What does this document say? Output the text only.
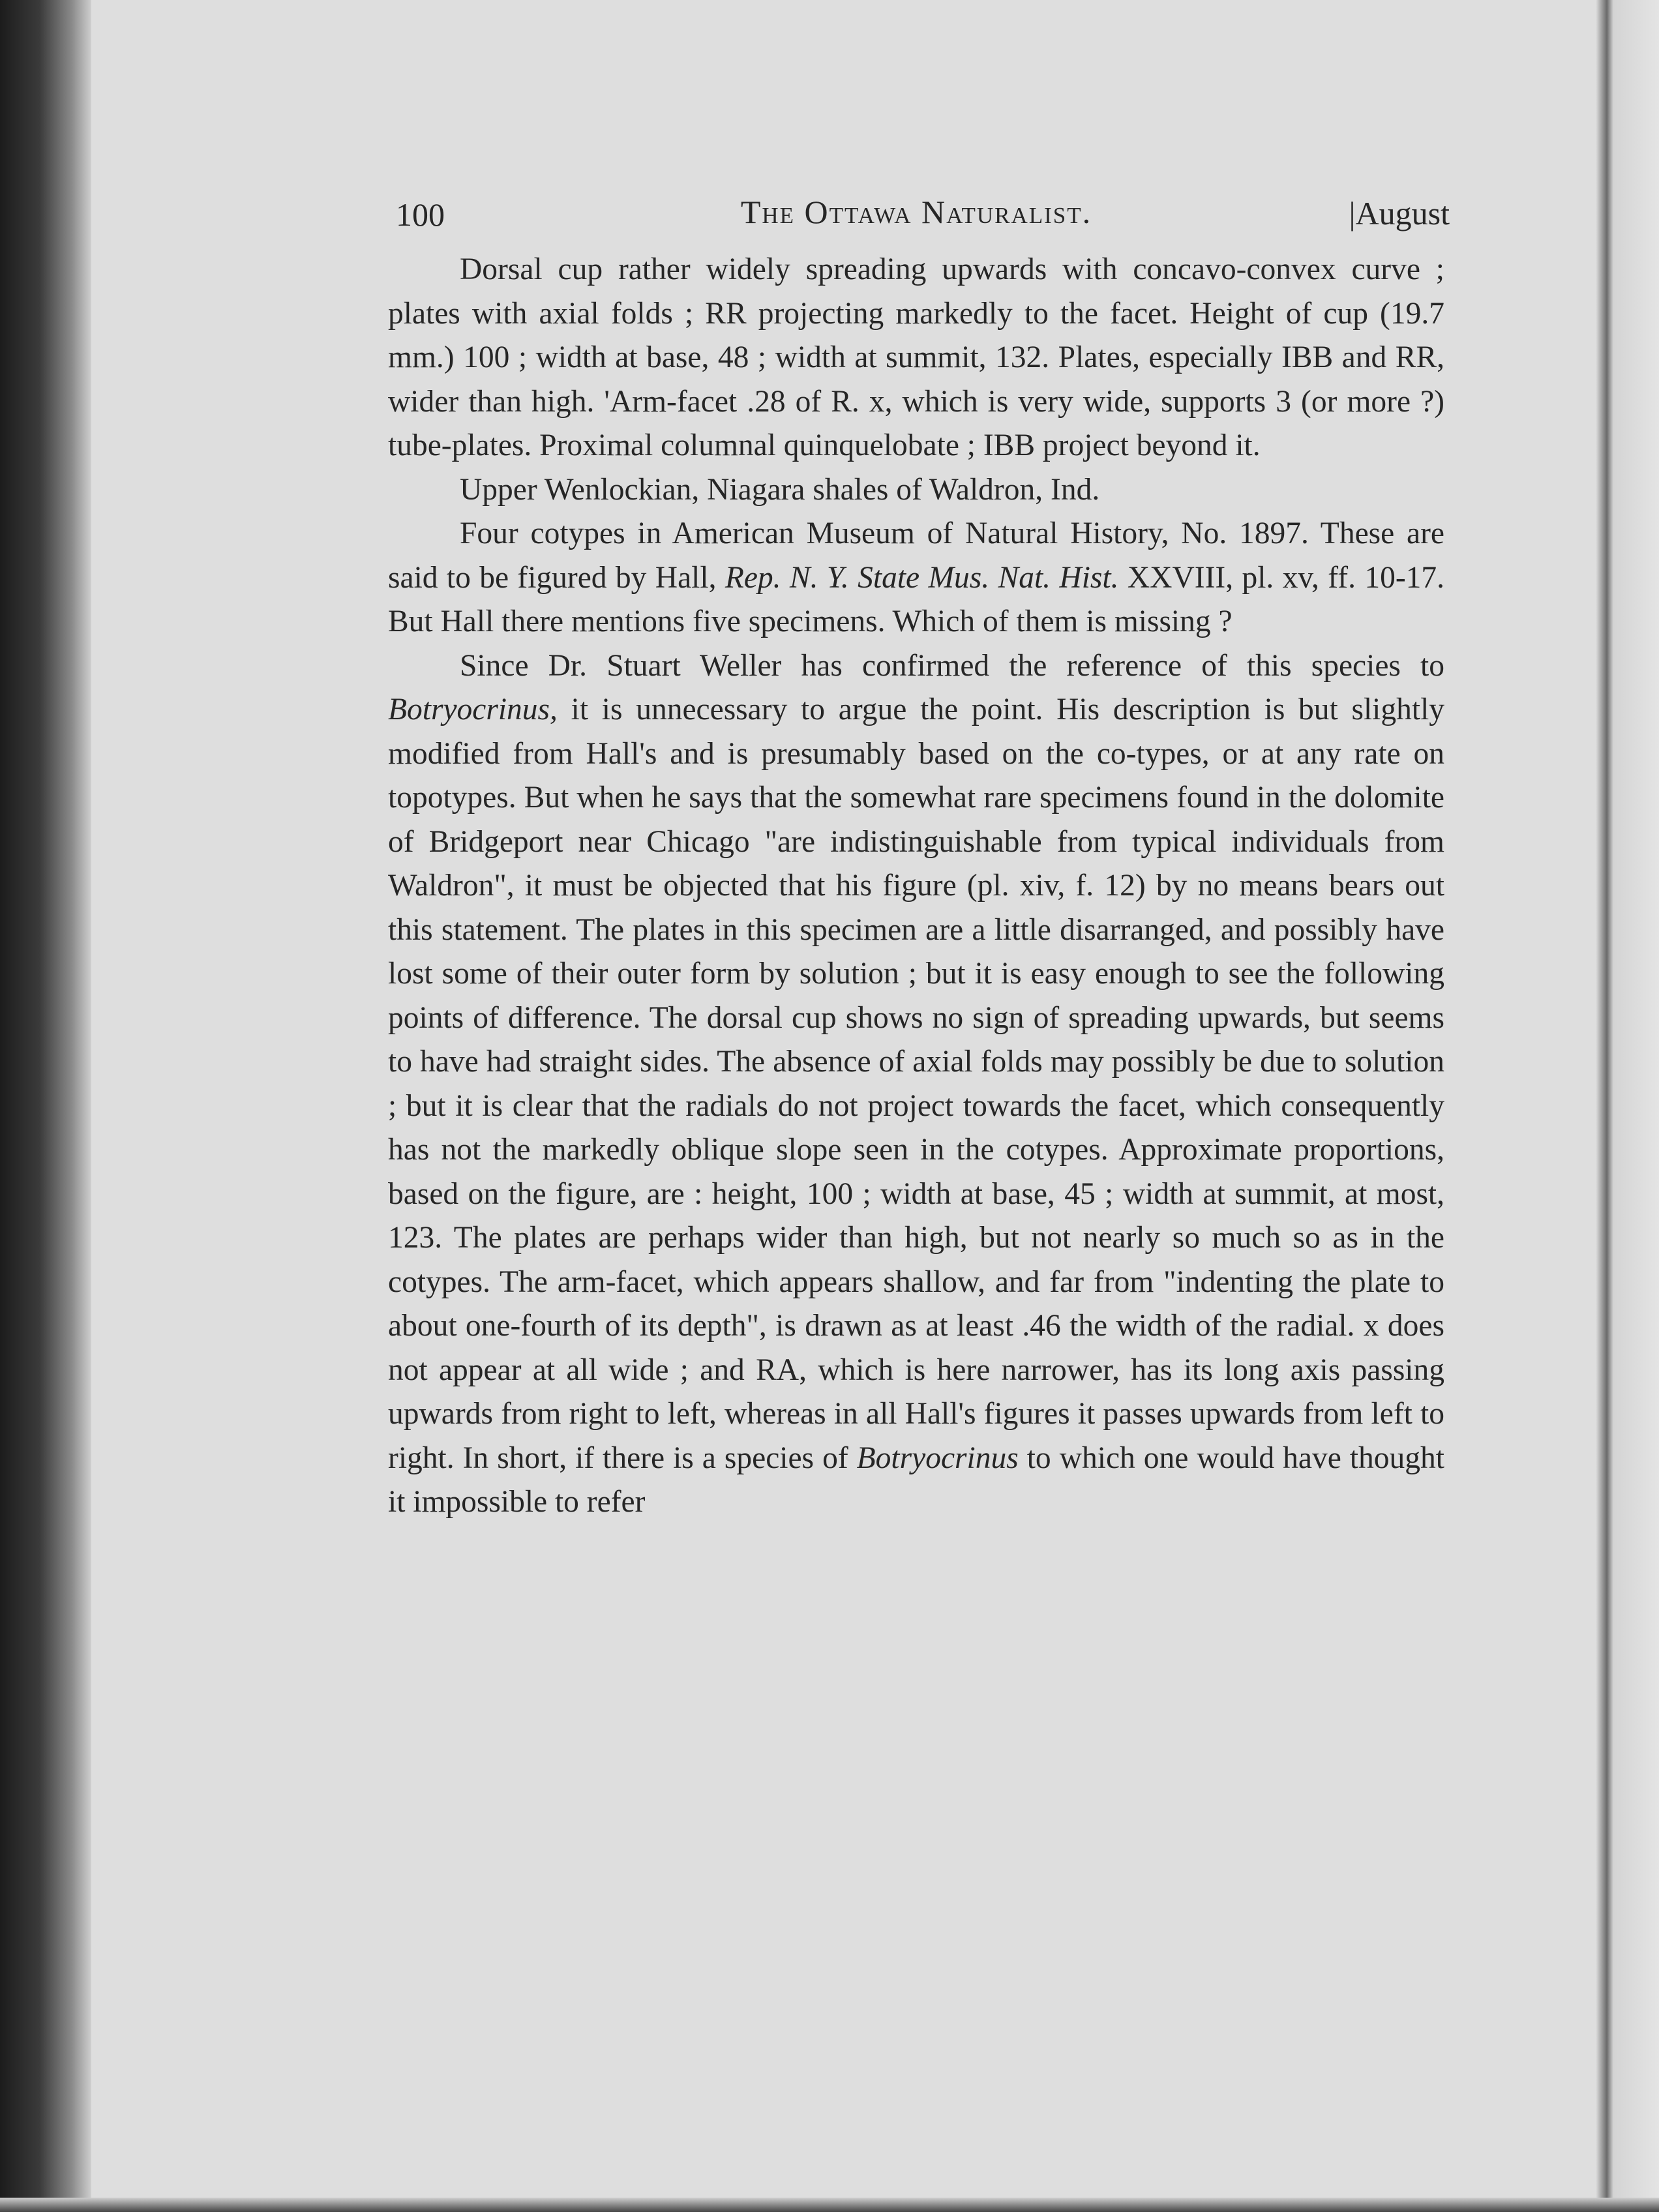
100	The Ottawa Naturalist.	|August

Dorsal cup rather widely spreading upwards with concavo-convex curve ; plates with axial folds ; RR projecting markedly to the facet. Height of cup (19.7 mm.) 100 ; width at base, 48 ; width at summit, 132. Plates, especially IBB and RR, wider than high. 'Arm-facet .28 of R. x, which is very wide, supports 3 (or more ?) tube-plates. Proximal columnal quinquelobate ; IBB project beyond it.

Upper Wenlockian, Niagara shales of Waldron, Ind.

Four cotypes in American Museum of Natural History, No. 1897. These are said to be figured by Hall, Rep. N. Y. State Mus. Nat. Hist. XXVIII, pl. xv, ff. 10-17. But Hall there mentions five specimens. Which of them is missing ?

Since Dr. Stuart Weller has confirmed the reference of this species to Botryocrinus, it is unnecessary to argue the point. His description is but slightly modified from Hall's and is presumably based on the co-types, or at any rate on topotypes. But when he says that the somewhat rare specimens found in the dolomite of Bridgeport near Chicago "are indistinguishable from typical individuals from Waldron", it must be objected that his figure (pl. xiv, f. 12) by no means bears out this statement. The plates in this specimen are a little disarranged, and possibly have lost some of their outer form by solution ; but it is easy enough to see the following points of difference. The dorsal cup shows no sign of spreading upwards, but seems to have had straight sides. The absence of axial folds may possibly be due to solution ; but it is clear that the radials do not project towards the facet, which consequently has not the markedly oblique slope seen in the cotypes. Approximate proportions, based on the figure, are : height, 100 ; width at base, 45 ; width at summit, at most, 123. The plates are perhaps wider than high, but not nearly so much so as in the cotypes. The arm-facet, which appears shallow, and far from "indenting the plate to about one-fourth of its depth", is drawn as at least .46 the width of the radial. x does not appear at all wide ; and RA, which is here narrower, has its long axis passing upwards from right to left, whereas in all Hall's figures it passes upwards from left to right. In short, if there is a species of Botryocrinus to which one would have thought it impossible to refer
